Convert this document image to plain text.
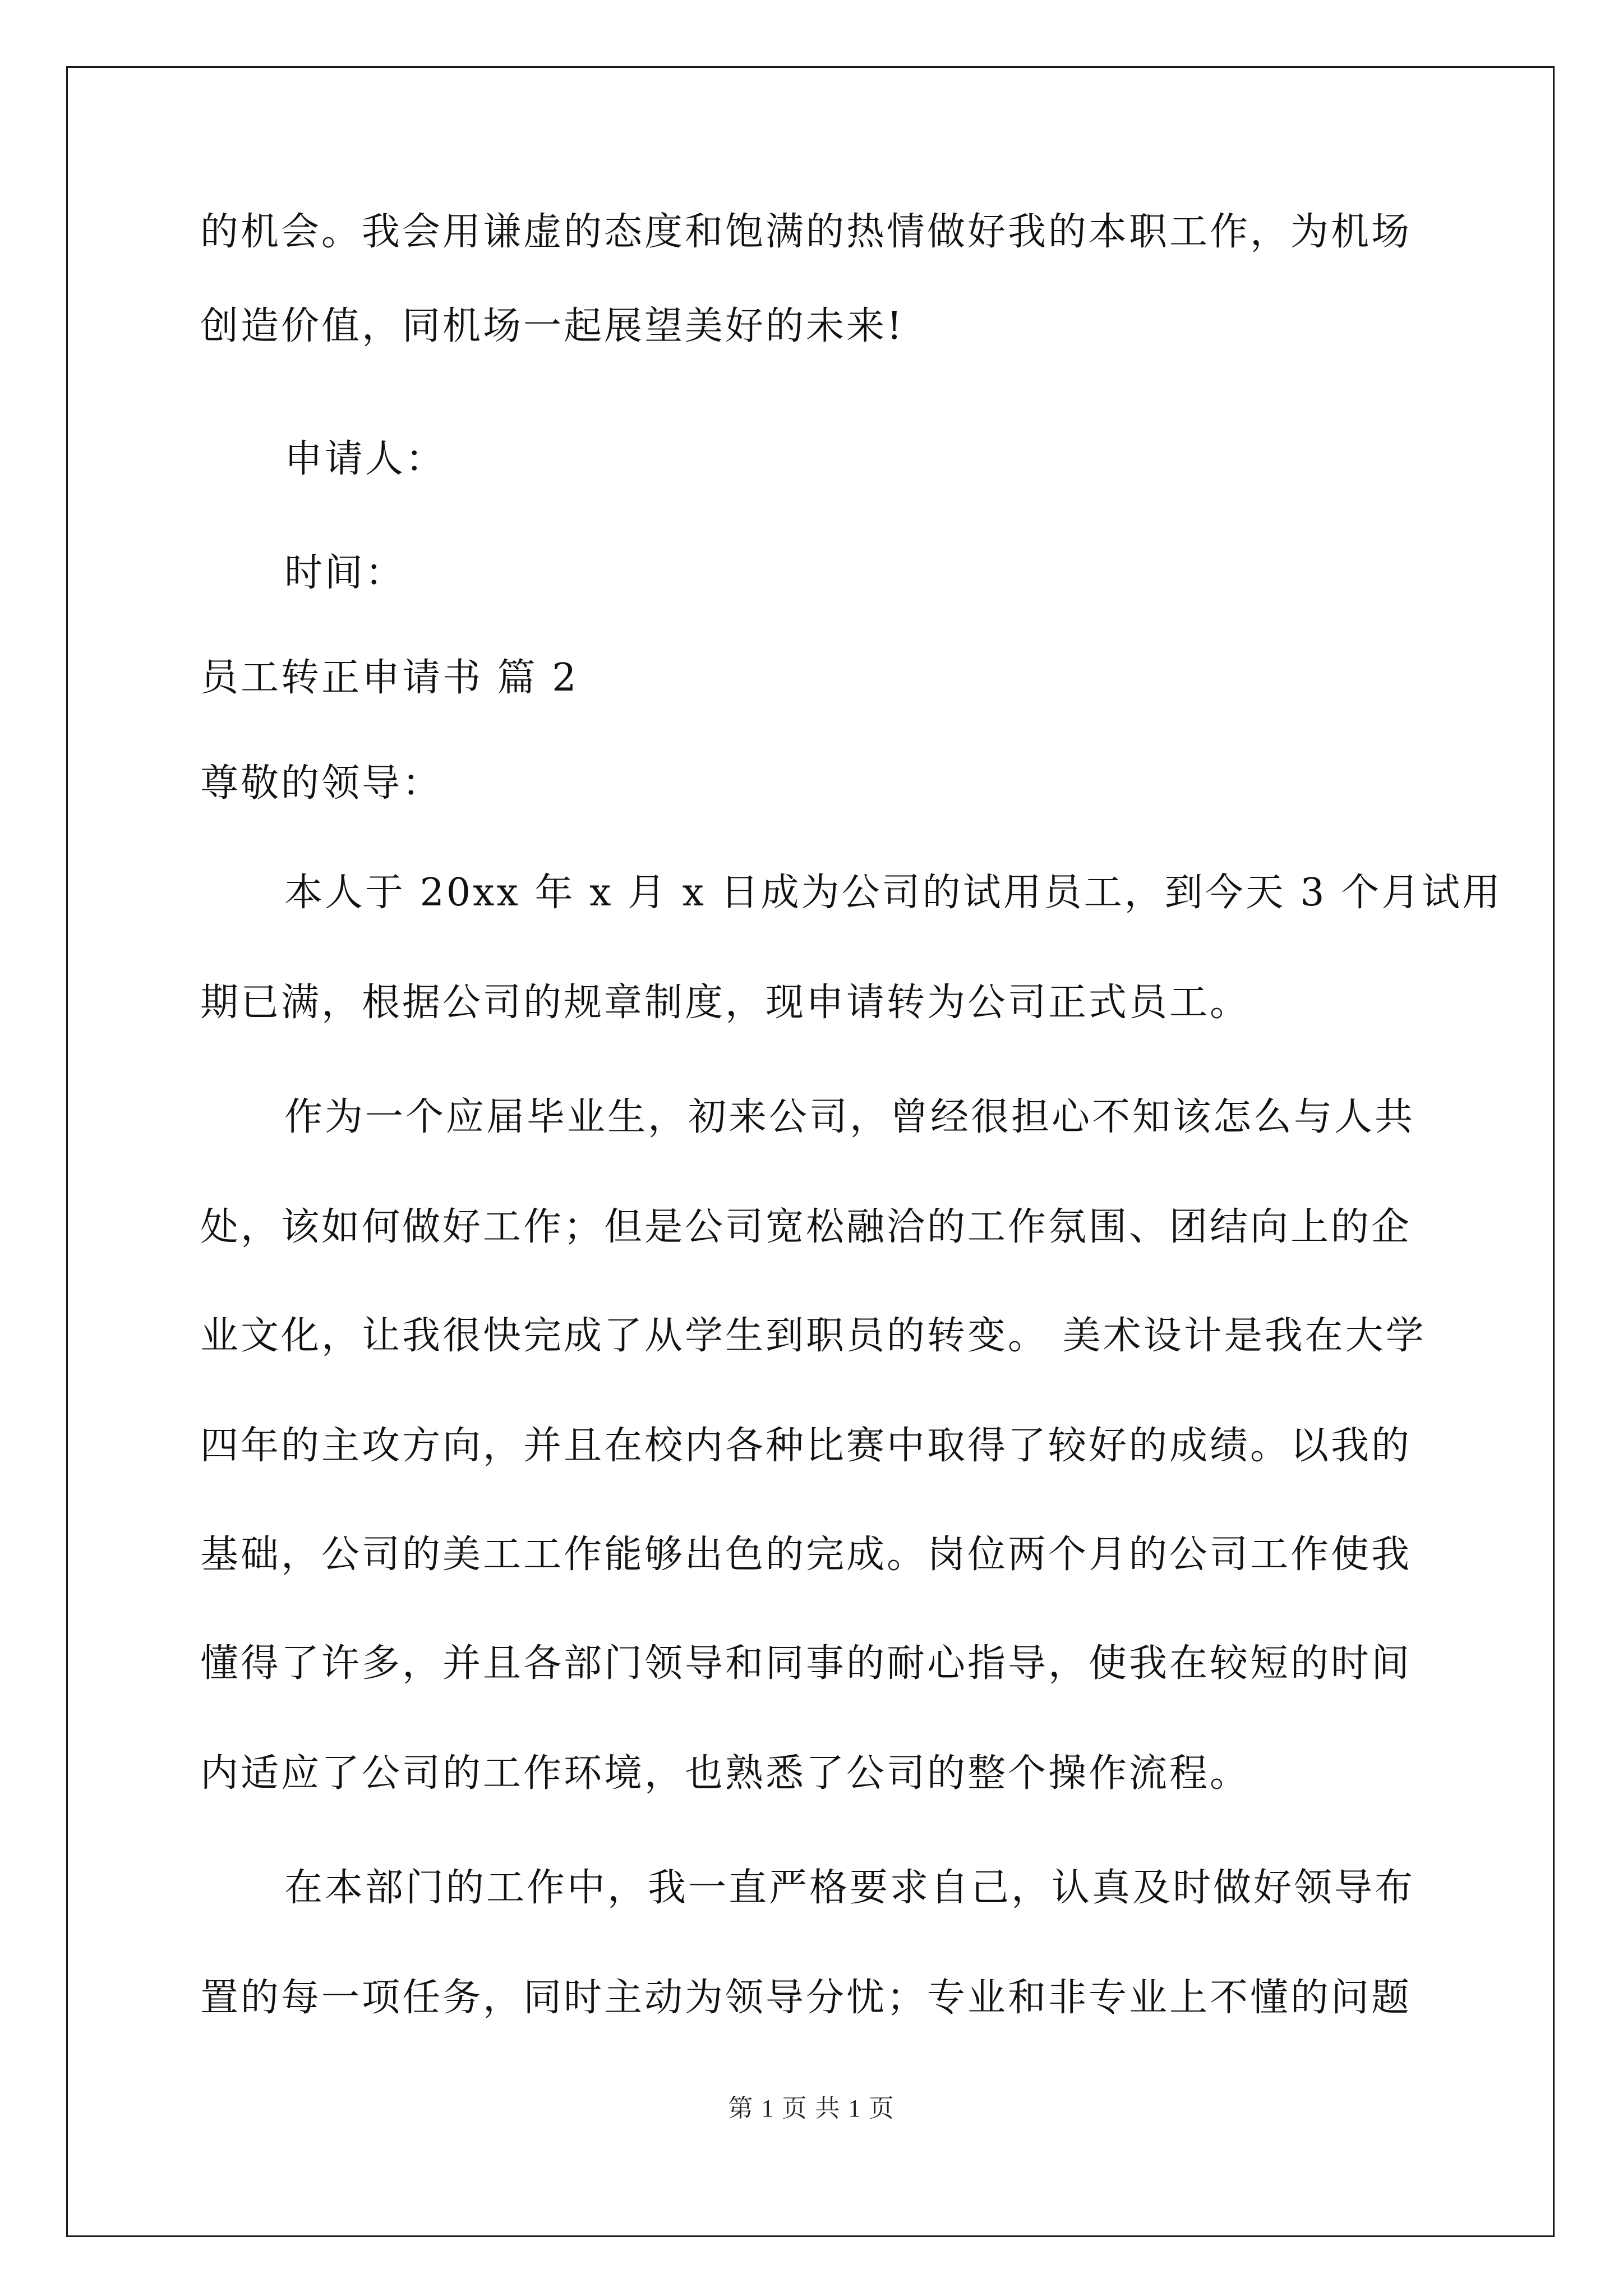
的机会。我会用谦虚的态度和饱满的热情做好我的本职工作，为机场
创造价值，同机场一起展望美好的未来!
申请人：
时间：
员工转正申请书 篇 2
尊敬的领导：
本人于 20xx 年 x 月 x 日成为公司的试用员工，到今天 3 个月试用
期已满，根据公司的规章制度，现申请转为公司正式员工。
作为一个应届毕业生，初来公司，曾经很担心不知该怎么与人共
处，该如何做好工作；但是公司宽松融洽的工作氛围、团结向上的企
业文化，让我很快完成了从学生到职员的转变。 美术设计是我在大学
四年的主攻方向，并且在校内各种比赛中取得了较好的成绩。以我的
基础，公司的美工工作能够出色的完成。岗位两个月的公司工作使我
懂得了许多，并且各部门领导和同事的耐心指导，使我在较短的时间
内适应了公司的工作环境，也熟悉了公司的整个操作流程。
在本部门的工作中，我一直严格要求自己，认真及时做好领导布
置的每一项任务，同时主动为领导分忧；专业和非专业上不懂的问题
第 1 页 共 1 页
